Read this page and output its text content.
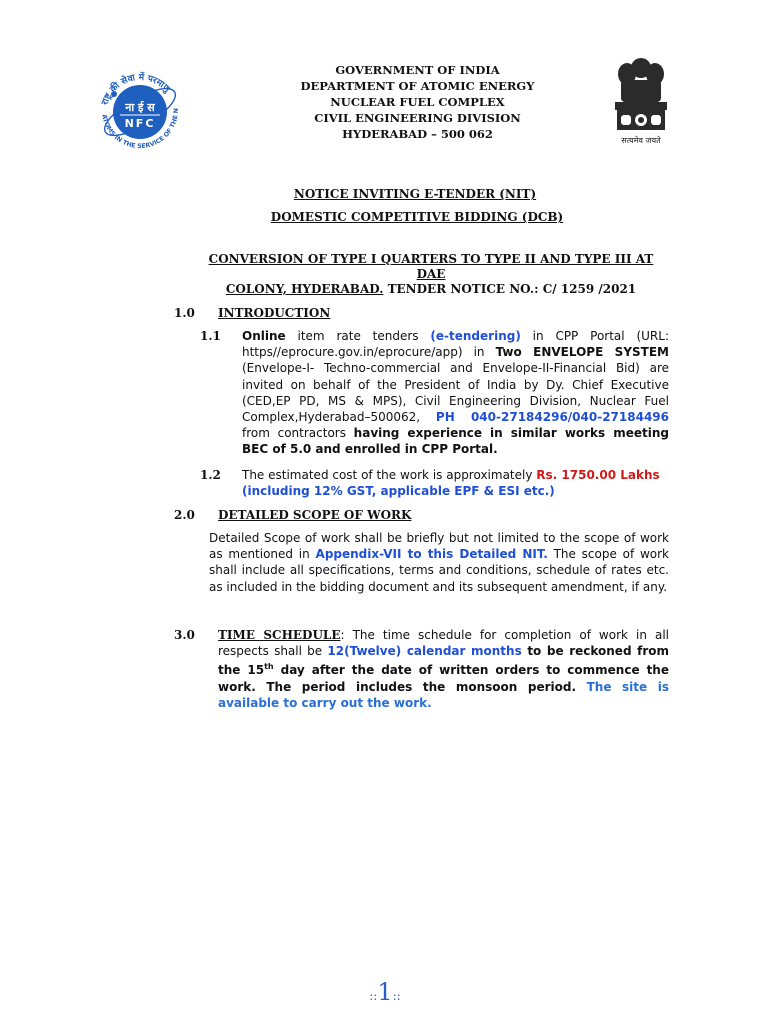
राष्ट्र की सेवा में परमाणु
ATOMS IN THE SERVICE OF THE N
ना ई स
NFC
GOVERNMENT OF INDIA
DEPARTMENT OF ATOMIC ENERGY
NUCLEAR FUEL COMPLEX
CIVIL ENGINEERING DIVISION
HYDERABAD – 500 062	सत्यमेव जयते
NOTICE INVITING E-TENDER (NIT)
DOMESTIC COMPETITIVE BIDDING (DCB)
CONVERSION OF TYPE I QUARTERS TO TYPE II AND TYPE III AT DAE
COLONY, HYDERABAD. TENDER NOTICE NO.: C/ 1259 /2021
1.0 INTRODUCTION
1.1 Online item rate tenders (e-tendering) in CPP Portal (URL: https//eprocure.gov.in/eprocure/app) in Two ENVELOPE SYSTEM (Envelope-I- Techno-commercial and Envelope-II-Financial Bid) are invited on behalf of the President of India by Dy. Chief Executive (CED,EP PD, MS & MPS), Civil Engineering Division, Nuclear Fuel Complex,Hyderabad–500062, PH 040-27184296/040-27184496 from contractors having experience in similar works meeting BEC of 5.0 and enrolled in CPP Portal.
1.2 The estimated cost of the work is approximately Rs. 1750.00 Lakhs
(including 12% GST, applicable EPF & ESI etc.)
2.0 DETAILED SCOPE OF WORK
Detailed Scope of work shall be briefly but not limited to the scope of work as mentioned in Appendix-VII to this Detailed NIT. The scope of work shall include all specifications, terms and conditions, schedule of rates etc. as included in the bidding document and its subsequent amendment, if any.
3.0 TIME SCHEDULE: The time schedule for completion of work in all respects shall be 12(Twelve) calendar months to be reckoned from the 15th day after the date of written orders to commence the work. The period includes the monsoon period. The site is available to carry out the work.
::1::
